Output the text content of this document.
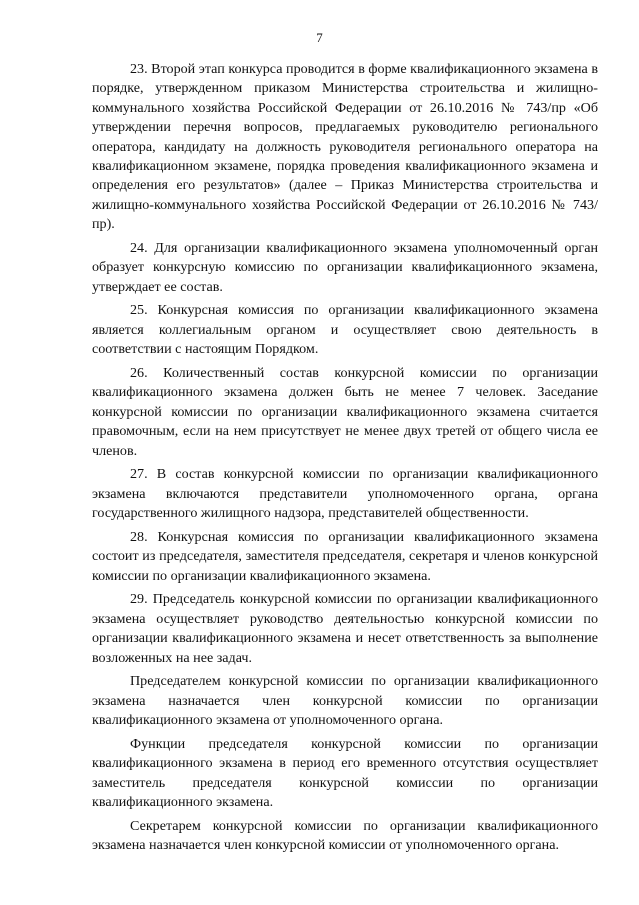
7

23. Второй этап конкурса проводится в форме квалификационного экзамена в порядке, утвержденном приказом Министерства строительства и жилищно-коммунального хозяйства Российской Федерации от 26.10.2016 № 743/пр «Об утверждении перечня вопросов, предлагаемых руководителю регионального оператора, кандидату на должность руководителя регионального оператора на квалификационном экзамене, порядка проведения квалификационного экзамена и определения его результатов» (далее – Приказ Министерства строительства и жилищно-коммунального хозяйства Российской Федерации от 26.10.2016 № 743/пр).

24. Для организации квалификационного экзамена уполномоченный орган образует конкурсную комиссию по организации квалификационного экзамена, утверждает ее состав.

25. Конкурсная комиссия по организации квалификационного экзамена является коллегиальным органом и осуществляет свою деятельность в соответствии с настоящим Порядком.

26. Количественный состав конкурсной комиссии по организации квалификационного экзамена должен быть не менее 7 человек. Заседание конкурсной комиссии по организации квалификационного экзамена считается правомочным, если на нем присутствует не менее двух третей от общего числа ее членов.

27. В состав конкурсной комиссии по организации квалификационного экзамена включаются представители уполномоченного органа, органа государственного жилищного надзора, представителей общественности.

28. Конкурсная комиссия по организации квалификационного экзамена состоит из председателя, заместителя председателя, секретаря и членов конкурсной комиссии по организации квалификационного экзамена.

29. Председатель конкурсной комиссии по организации квалификационного экзамена осуществляет руководство деятельностью конкурсной комиссии по организации квалификационного экзамена и несет ответственность за выполнение возложенных на нее задач.

Председателем конкурсной комиссии по организации квалификационного экзамена назначается член конкурсной комиссии по организации квалификационного экзамена от уполномоченного органа.

Функции председателя конкурсной комиссии по организации квалификационного экзамена в период его временного отсутствия осуществляет заместитель председателя конкурсной комиссии по организации квалификационного экзамена.

Секретарем конкурсной комиссии по организации квалификационного экзамена назначается член конкурсной комиссии от уполномоченного органа.
